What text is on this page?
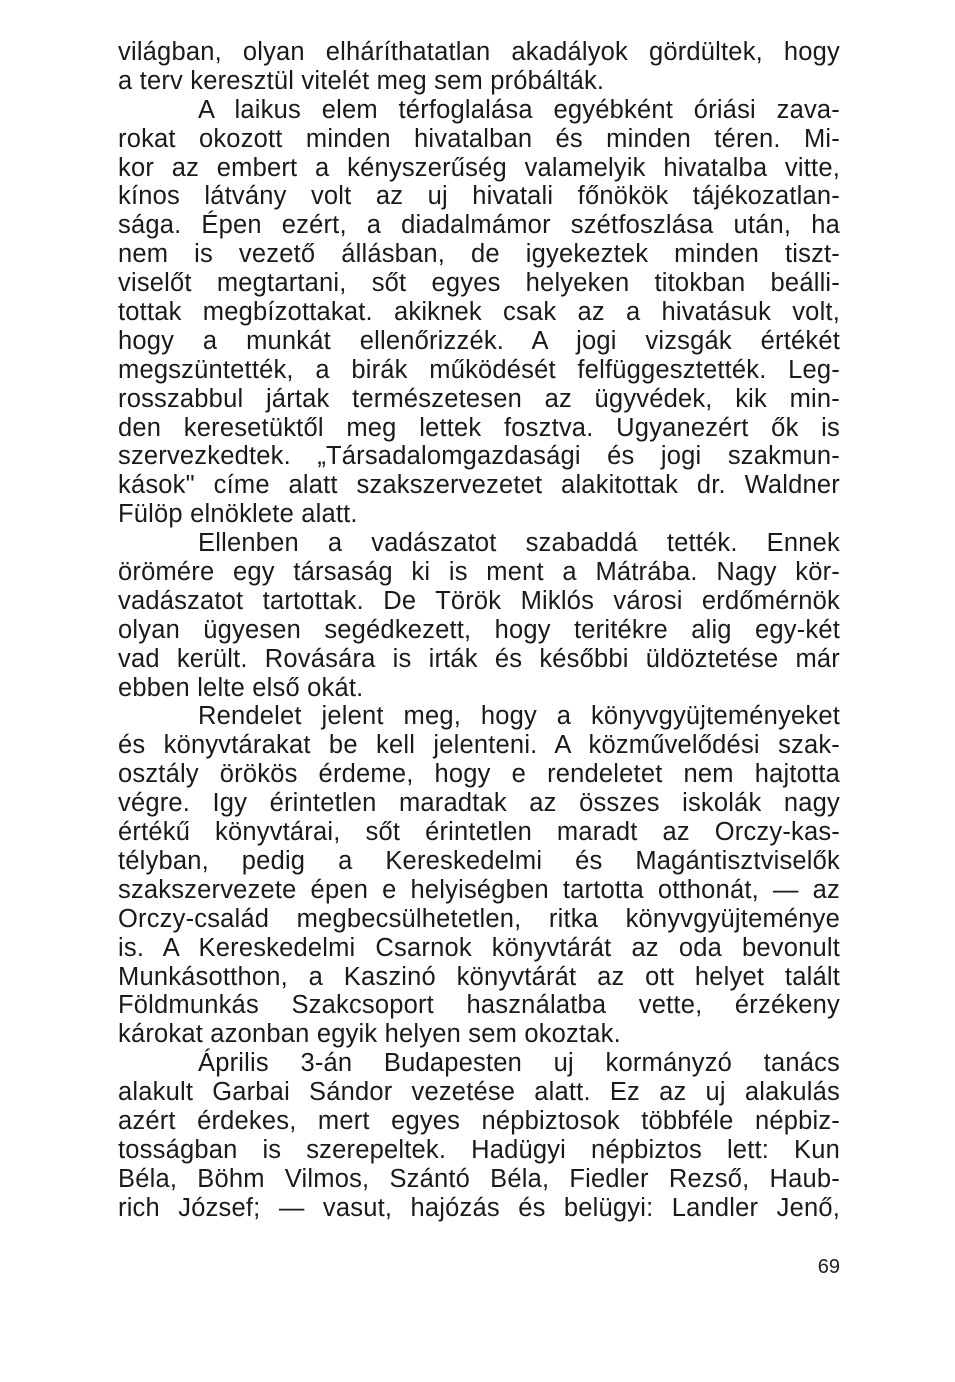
világban, olyan elháríthatatlan akadályok gördültek, hogy
a terv keresztül vitelét meg sem próbálták.
A laikus elem térfoglalása egyébként óriási zava-
rokat okozott minden hivatalban és minden téren. Mi-
kor az embert a kényszerűség valamelyik hivatalba vitte,
kínos látvány volt az uj hivatali főnökök tájékozatlan-
sága. Épen ezért, a diadalmámor szétfoszlása után, ha
nem is vezető állásban, de igyekeztek minden tiszt-
viselőt megtartani, sőt egyes helyeken titokban beálli-
tottak megbízottakat. akiknek csak az a hivatásuk volt,
hogy a munkát ellenőrizzék. A jogi vizsgák értékét
megszüntették, a birák működését felfüggesztették. Leg-
rosszabbul jártak természetesen az ügyvédek, kik min-
den keresetüktől meg lettek fosztva. Ugyanezért ők is
szervezkedtek. „Társadalomgazdasági és jogi szakmun-
kások" címe alatt szakszervezetet alakitottak dr. Waldner
Fülöp elnöklete alatt.
Ellenben a vadászatot szabaddá tették. Ennek
örömére egy társaság ki is ment a Mátrába. Nagy kör-
vadászatot tartottak. De Török Miklós városi erdőmérnök
olyan ügyesen segédkezett, hogy teritékre alig egy-két
vad került. Rovására is irták és későbbi üldöztetése már
ebben lelte első okát.
Rendelet jelent meg, hogy a könyvgyüjteményeket
és könyvtárakat be kell jelenteni. A közművelődési szak-
osztály örökös érdeme, hogy e rendeletet nem hajtotta
végre. Igy érintetlen maradtak az összes iskolák nagy
értékű könyvtárai, sőt érintetlen maradt az Orczy-kas-
télyban, pedig a Kereskedelmi és Magántisztviselők
szakszervezete épen e helyiségben tartotta otthonát, — az
Orczy-család megbecsülhetetlen, ritka könyvgyüjteménye
is. A Kereskedelmi Csarnok könyvtárát az oda bevonult
Munkásotthon, a Kaszinó könyvtárát az ott helyet talált
Földmunkás Szakcsoport használatba vette, érzékeny
károkat azonban egyik helyen sem okoztak.
Április 3-án Budapesten uj kormányzó tanács
alakult Garbai Sándor vezetése alatt. Ez az uj alakulás
azért érdekes, mert egyes népbiztosok többféle népbiz-
tosságban is szerepeltek. Hadügyi népbiztos lett: Kun
Béla, Böhm Vilmos, Szántó Béla, Fiedler Rezső, Haub-
rich József; — vasut, hajózás és belügyi: Landler Jenő,
69
